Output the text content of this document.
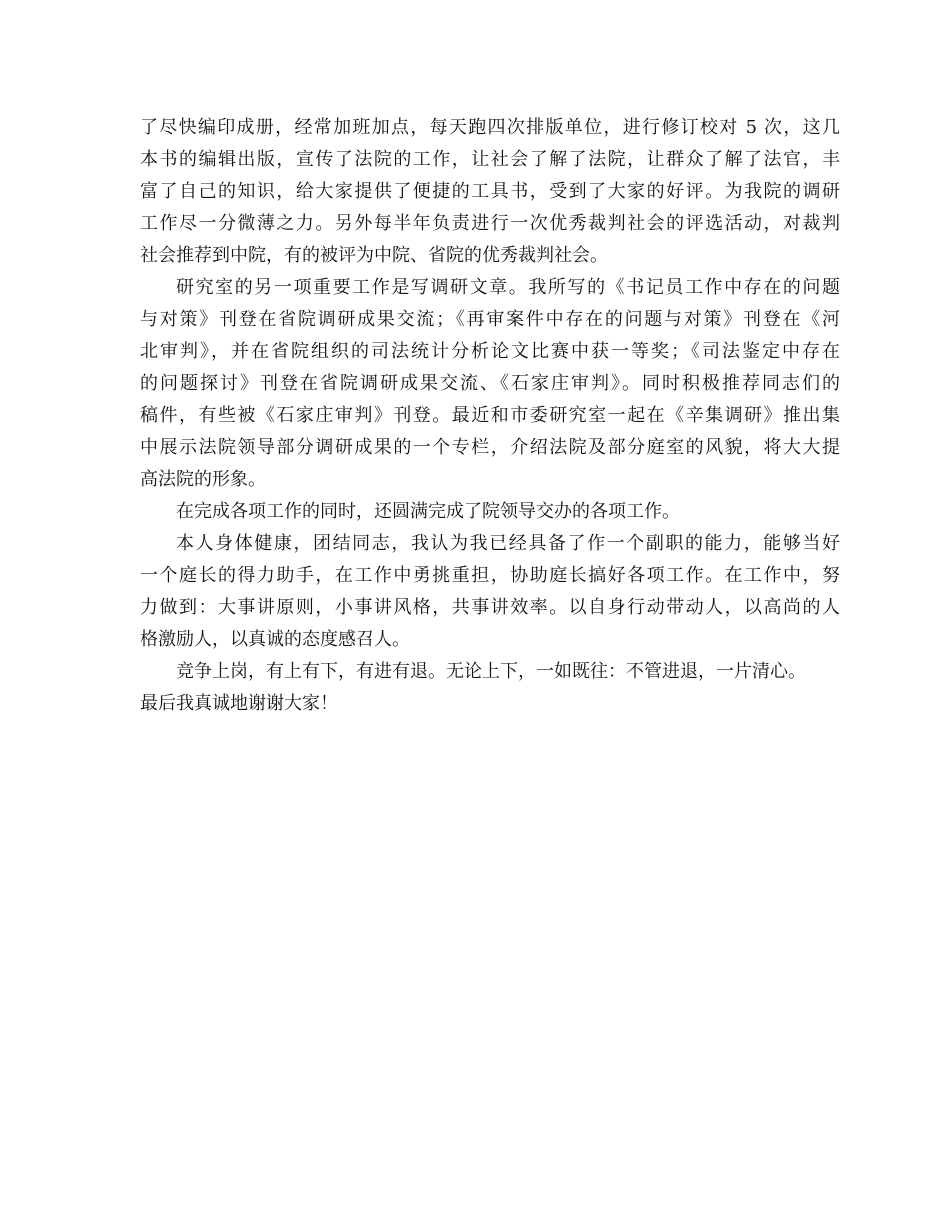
了尽快编印成册，经常加班加点，每天跑四次排版单位，进行修订校对 5 次，这几
本书的编辑出版，宣传了法院的工作，让社会了解了法院，让群众了解了法官，丰
富了自己的知识，给大家提供了便捷的工具书，受到了大家的好评。为我院的调研
工作尽一分微薄之力。另外每半年负责进行一次优秀裁判社会的评选活动，对裁判
社会推荐到中院，有的被评为中院、省院的优秀裁判社会。
研究室的另一项重要工作是写调研文章。我所写的《书记员工作中存在的问题
与对策》刊登在省院调研成果交流；《再审案件中存在的问题与对策》刊登在《河
北审判》，并在省院组织的司法统计分析论文比赛中获一等奖；《司法鉴定中存在
的问题探讨》刊登在省院调研成果交流、《石家庄审判》。同时积极推荐同志们的
稿件，有些被《石家庄审判》刊登。最近和市委研究室一起在《辛集调研》推出集
中展示法院领导部分调研成果的一个专栏，介绍法院及部分庭室的风貌，将大大提
高法院的形象。
在完成各项工作的同时，还圆满完成了院领导交办的各项工作。
本人身体健康，团结同志，我认为我已经具备了作一个副职的能力，能够当好
一个庭长的得力助手，在工作中勇挑重担，协助庭长搞好各项工作。在工作中，努
力做到：大事讲原则，小事讲风格，共事讲效率。以自身行动带动人，以高尚的人
格激励人，以真诚的态度感召人。
竞争上岗，有上有下，有进有退。无论上下，一如既往：不管进退，一片清心。
最后我真诚地谢谢大家！
